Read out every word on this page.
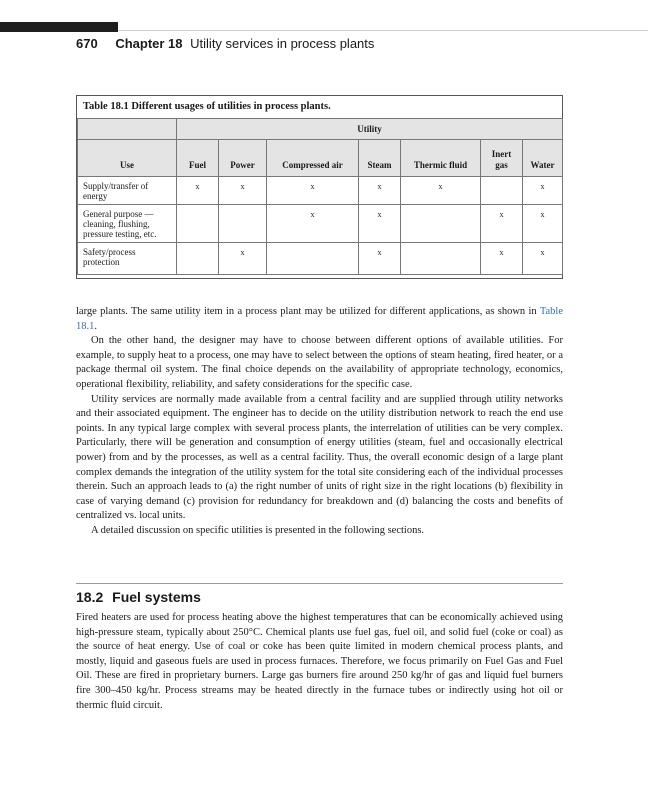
670 Chapter 18 Utility services in process plants
Table 18.1 Different usages of utilities in process plants.
	Utility						
Use	Fuel	Power	Compressed air	Steam	Thermic fluid	Inert gas	Water
Supply/transfer of energy	x	x	x	x	x		x
General purpose — cleaning, flushing, pressure testing, etc.			x	x		x	x
Safety/process protection		x		x		x	x

large plants. The same utility item in a process plant may be utilized for different applications, as shown in Table 18.1.

On the other hand, the designer may have to choose between different options of available utilities. For example, to supply heat to a process, one may have to select between the options of steam heating, fired heater, or a package thermal oil system. The final choice depends on the availability of appropriate technology, economics, operational flexibility, reliability, and safety considerations for the specific case.

Utility services are normally made available from a central facility and are supplied through utility networks and their associated equipment. The engineer has to decide on the utility distribution network to reach the end use points. In any typical large complex with several process plants, the interrelation of utilities can be very complex. Particularly, there will be generation and consumption of energy utilities (steam, fuel and occasionally electrical power) from and by the processes, as well as a central facility. Thus, the overall economic design of a large plant complex demands the integration of the utility system for the total site considering each of the individual processes therein. Such an approach leads to (a) the right number of units of right size in the right locations (b) flexibility in case of varying demand (c) provision for redundancy for breakdown and (d) balancing the costs and benefits of centralized vs. local units.

A detailed discussion on specific utilities is presented in the following sections.

18.2 Fuel systems

Fired heaters are used for process heating above the highest temperatures that can be economically achieved using high-pressure steam, typically about 250°C. Chemical plants use fuel gas, fuel oil, and solid fuel (coke or coal) as the source of heat energy. Use of coal or coke has been quite limited in modern chemical process plants, and mostly, liquid and gaseous fuels are used in process furnaces. Therefore, we focus primarily on Fuel Gas and Fuel Oil. These are fired in proprietary burners. Large gas burners fire around 250 kg/hr of gas and liquid fuel burners fire 300–450 kg/hr. Process streams may be heated directly in the furnace tubes or indirectly using hot oil or thermic fluid circuit.
